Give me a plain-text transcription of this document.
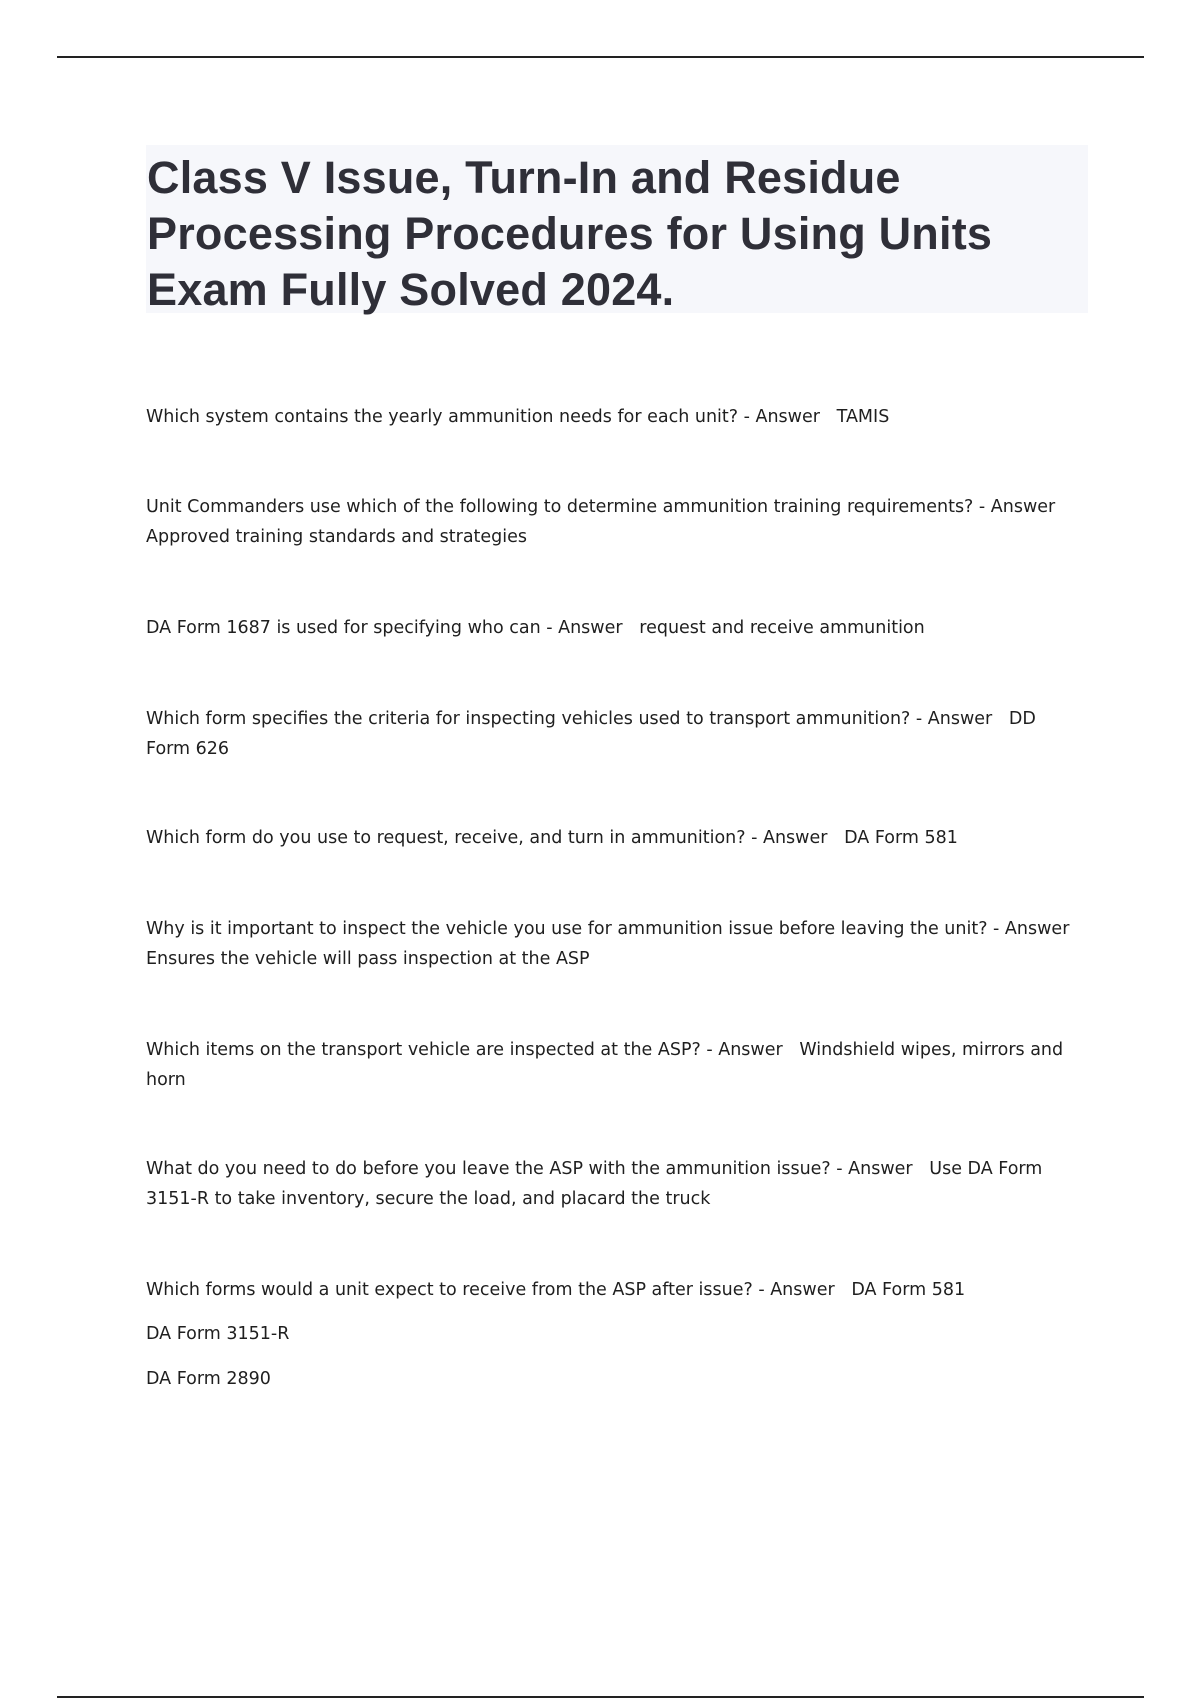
Class V Issue, Turn-In and Residue Processing Procedures for Using Units Exam Fully Solved 2024.

Which system contains the yearly ammunition needs for each unit? - Answer   TAMIS

Unit Commanders use which of the following to determine ammunition training requirements? - Answer   Approved training standards and strategies

DA Form 1687 is used for specifying who can - Answer   request and receive ammunition

Which form specifies the criteria for inspecting vehicles used to transport ammunition? - Answer   DD Form 626

Which form do you use to request, receive, and turn in ammunition? - Answer   DA Form 581

Why is it important to inspect the vehicle you use for ammunition issue before leaving the unit? - Answer   Ensures the vehicle will pass inspection at the ASP

Which items on the transport vehicle are inspected at the ASP? - Answer   Windshield wipes, mirrors and horn

What do you need to do before you leave the ASP with the ammunition issue? - Answer   Use DA Form 3151-R to take inventory, secure the load, and placard the truck

Which forms would a unit expect to receive from the ASP after issue? - Answer   DA Form 581

DA Form 3151-R

DA Form 2890
